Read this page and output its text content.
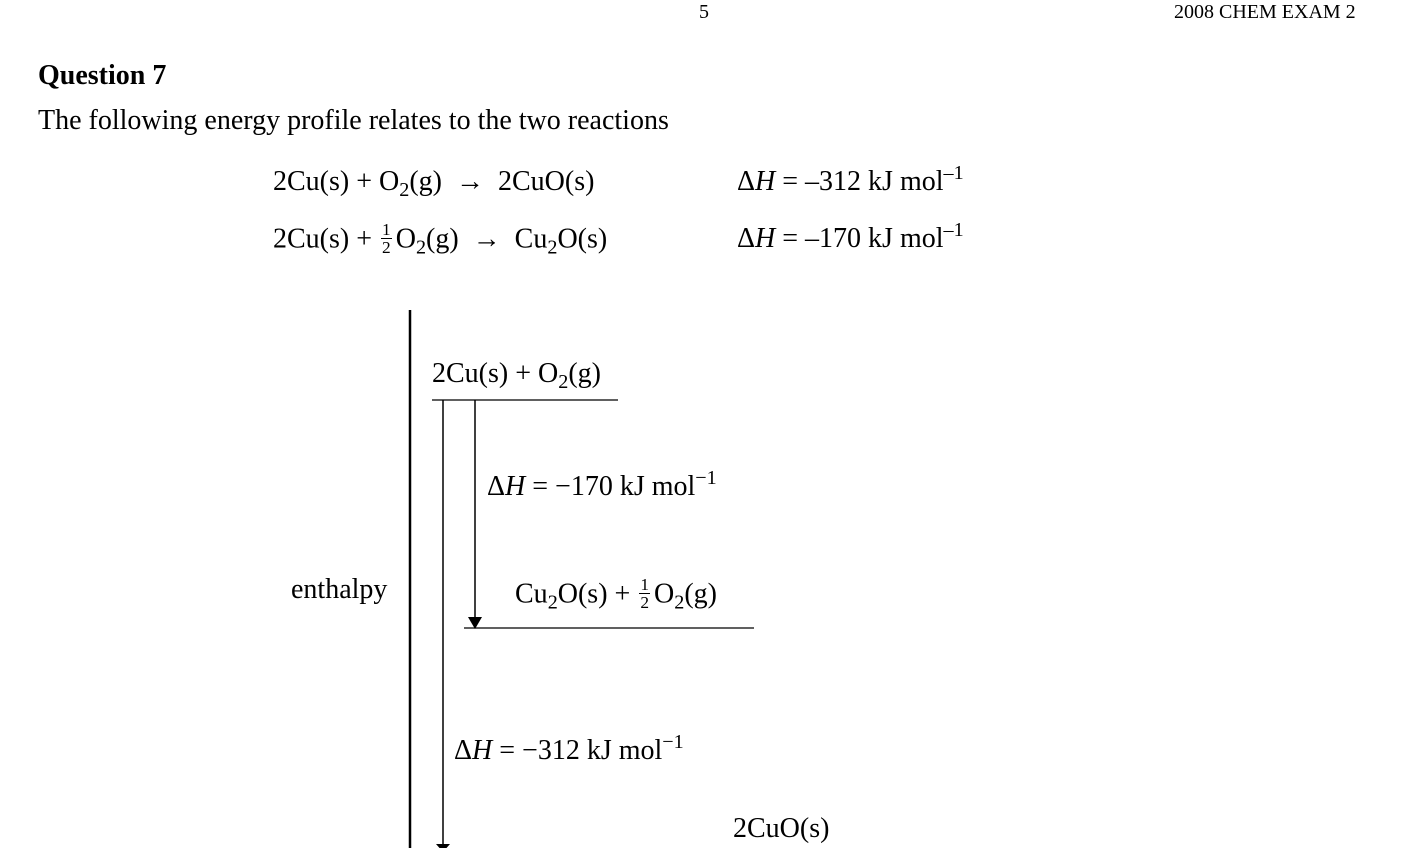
5	2008 CHEM EXAM 2
Question 7
The following energy profile relates to the two reactions
$2Cu(s) + O_2(g) \to 2CuO(s)$	ΔH = –312 kJ mol$^{-1}$
$2Cu(s) + \frac{1}{2} O_2(g) \to Cu_2O(s)$	ΔH = –170 kJ mol$^{-1}$
$2Cu(s) + O_2(g)$
ΔH = −170 kJ mol$^{-1}$
$Cu_2O(s) + \frac{1}{2} O_2(g)$
enthalpy
ΔH = −312 kJ mol$^{-1}$
2CuO(s)
